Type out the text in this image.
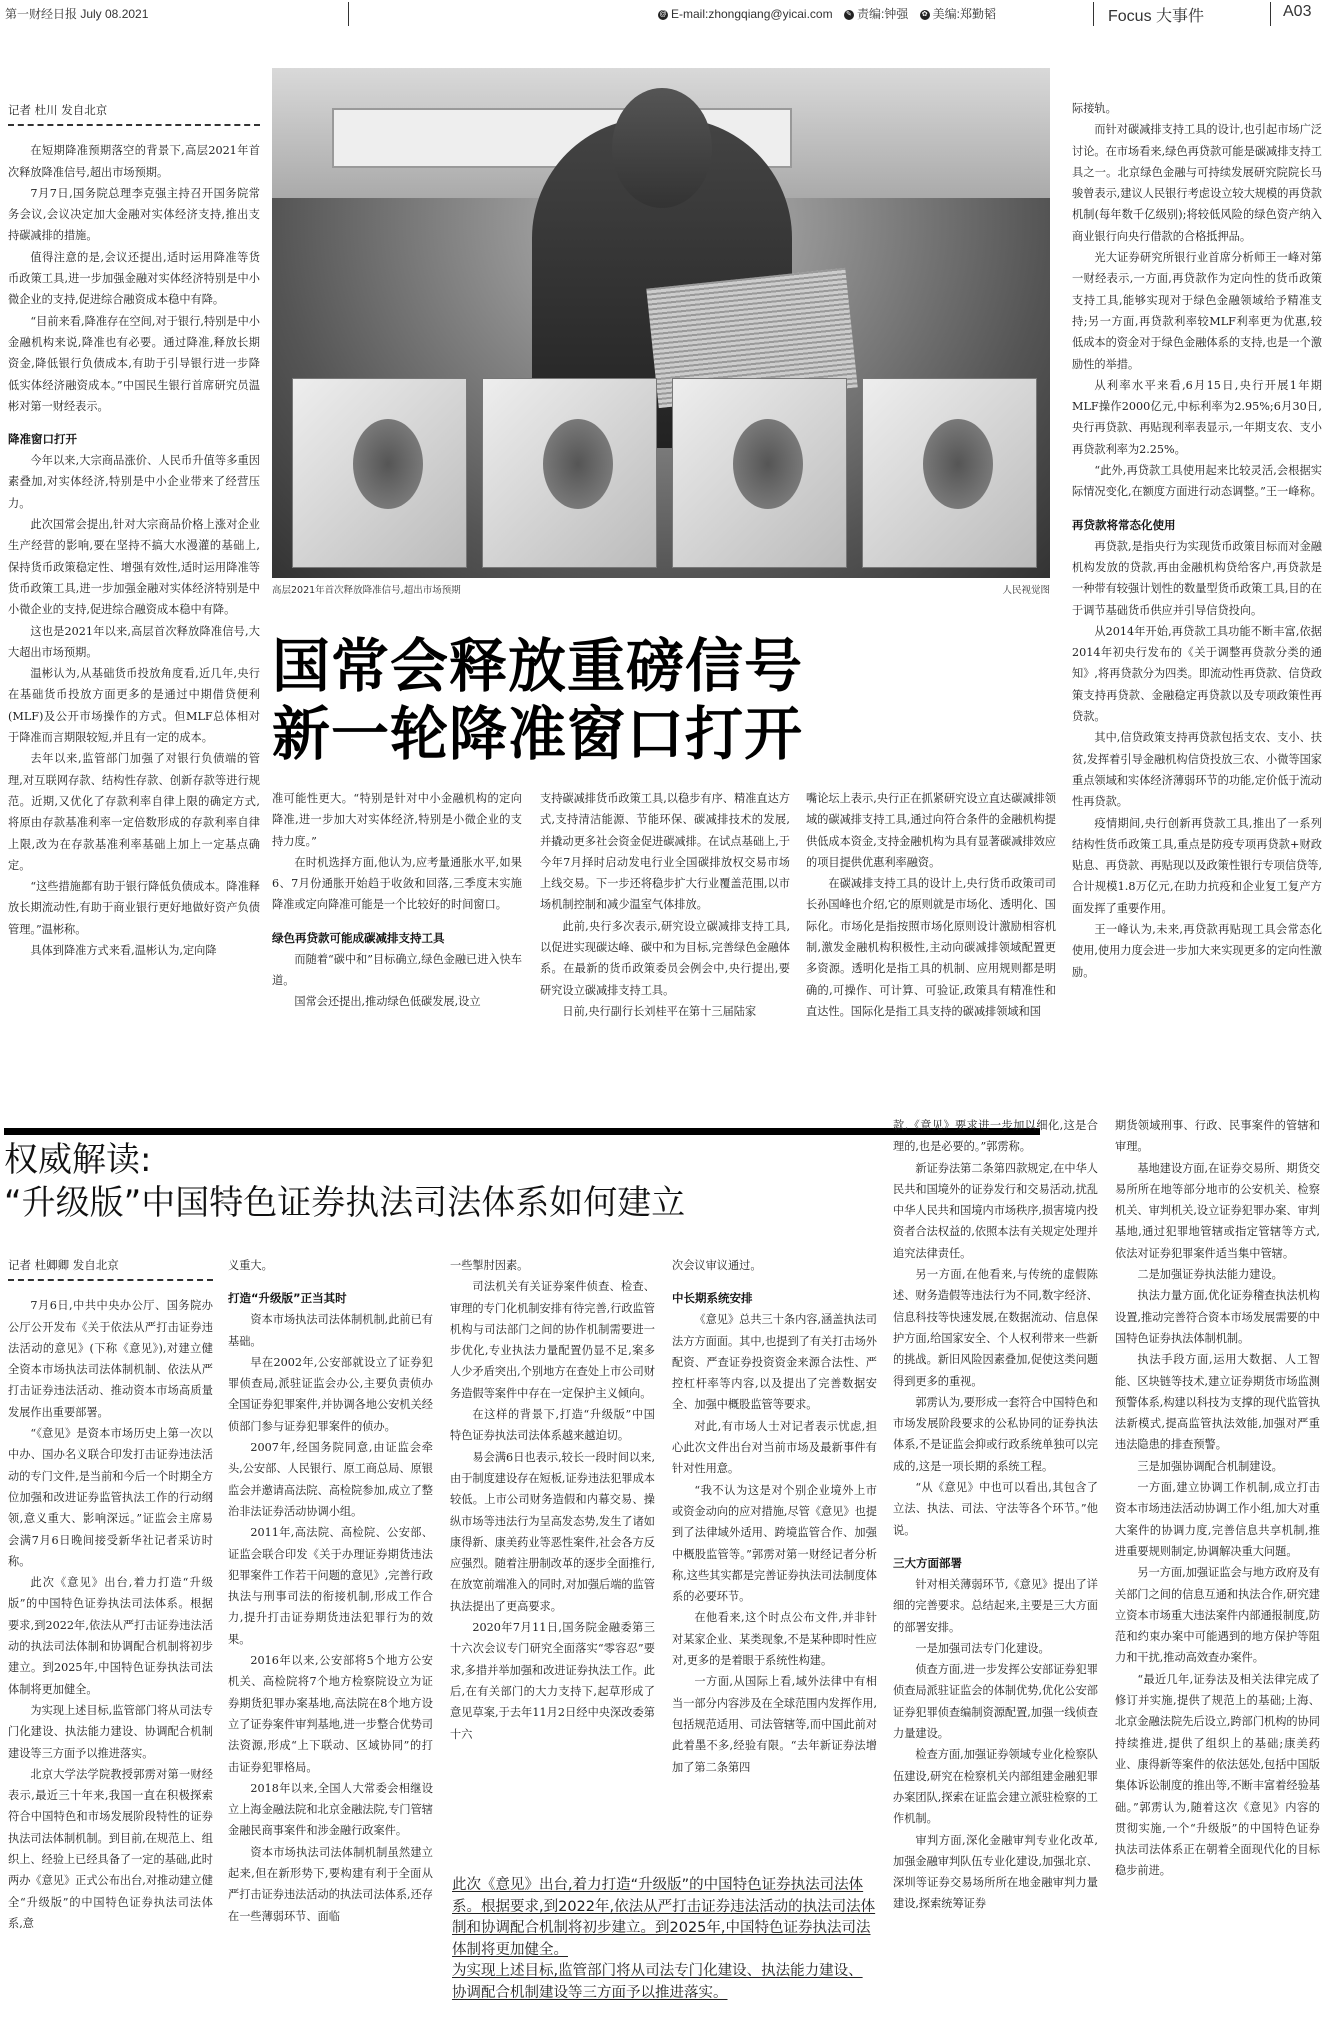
第一财经日报 July 08.2021	@ E-mail:zhongqiang@yicai.com ✎ 责编:钟强 ✿ 美编:郑勤韬	Focus 大事件	A03

记者 杜川 发自北京

在短期降准预期落空的背景下,高层2021年首次释放降准信号,超出市场预期。

7月7日,国务院总理李克强主持召开国务院常务会议,会议决定加大金融对实体经济支持,推出支持碳减排的措施。

值得注意的是,会议还提出,适时运用降准等货币政策工具,进一步加强金融对实体经济特别是中小微企业的支持,促进综合融资成本稳中有降。

“目前来看,降准存在空间,对于银行,特别是中小金融机构来说,降准也有必要。通过降准,释放长期资金,降低银行负债成本,有助于引导银行进一步降低实体经济融资成本。”中国民生银行首席研究员温彬对第一财经表示。

降准窗口打开

今年以来,大宗商品涨价、人民币升值等多重因素叠加,对实体经济,特别是中小企业带来了经营压力。

此次国常会提出,针对大宗商品价格上涨对企业生产经营的影响,要在坚持不搞大水漫灌的基础上,保持货币政策稳定性、增强有效性,适时运用降准等货币政策工具,进一步加强金融对实体经济特别是中小微企业的支持,促进综合融资成本稳中有降。

这也是2021年以来,高层首次释放降准信号,大大超出市场预期。

温彬认为,从基础货币投放角度看,近几年,央行在基础货币投放方面更多的是通过中期借贷便利(MLF)及公开市场操作的方式。但MLF总体相对于降准而言期限较短,并且有一定的成本。

去年以来,监管部门加强了对银行负债端的管理,对互联网存款、结构性存款、创新存款等进行规范。近期,又优化了存款利率自律上限的确定方式,将原由存款基准利率一定倍数形成的存款利率自律上限,改为在存款基准利率基础上加上一定基点确定。

“这些措施都有助于银行降低负债成本。降准释放长期流动性,有助于商业银行更好地做好资产负债管理。”温彬称。

具体到降准方式来看,温彬认为,定向降

高层2021年首次释放降准信号,超出市场预期	人民视觉图
国常会释放重磅信号
新一轮降准窗口打开

准可能性更大。“特别是针对中小金融机构的定向降准,进一步加大对实体经济,特别是小微企业的支持力度。”

在时机选择方面,他认为,应考量通胀水平,如果6、7月份通胀开始趋于收敛和回落,三季度末实施降准或定向降准可能是一个比较好的时间窗口。

绿色再贷款可能成碳减排支持工具

而随着“碳中和”目标确立,绿色金融已进入快车道。

国常会还提出,推动绿色低碳发展,设立

支持碳减排货币政策工具,以稳步有序、精准直达方式,支持清洁能源、节能环保、碳减排技术的发展,并撬动更多社会资金促进碳减排。在试点基础上,于今年7月择时启动发电行业全国碳排放权交易市场上线交易。下一步还将稳步扩大行业覆盖范围,以市场机制控制和减少温室气体排放。

此前,央行多次表示,研究设立碳减排支持工具,以促进实现碳达峰、碳中和为目标,完善绿色金融体系。在最新的货币政策委员会例会中,央行提出,要研究设立碳减排支持工具。

日前,央行副行长刘桂平在第十三届陆家

嘴论坛上表示,央行正在抓紧研究设立直达碳减排领域的碳减排支持工具,通过向符合条件的金融机构提供低成本资金,支持金融机构为具有显著碳减排效应的项目提供优惠利率融资。

在碳减排支持工具的设计上,央行货币政策司司长孙国峰也介绍,它的原则就是市场化、透明化、国际化。市场化是指按照市场化原则设计激励相容机制,激发金融机构积极性,主动向碳减排领域配置更多资源。透明化是指工具的机制、应用规则都是明确的,可操作、可计算、可验证,政策具有精准性和直达性。国际化是指工具支持的碳减排领域和国

际接轨。

而针对碳减排支持工具的设计,也引起市场广泛讨论。在市场看来,绿色再贷款可能是碳减排支持工具之一。北京绿色金融与可持续发展研究院院长马骏曾表示,建议人民银行考虑设立较大规模的再贷款机制(每年数千亿级别);将较低风险的绿色资产纳入商业银行向央行借款的合格抵押品。

光大证券研究所银行业首席分析师王一峰对第一财经表示,一方面,再贷款作为定向性的货币政策支持工具,能够实现对于绿色金融领域给予精准支持;另一方面,再贷款利率较MLF利率更为优惠,较低成本的资金对于绿色金融体系的支持,也是一个激励性的举措。

从利率水平来看,6月15日,央行开展1年期MLF操作2000亿元,中标利率为2.95%;6月30日,央行再贷款、再贴现利率表显示,一年期支农、支小再贷款利率为2.25%。

“此外,再贷款工具使用起来比较灵活,会根据实际情况变化,在额度方面进行动态调整。”王一峰称。

再贷款将常态化使用

再贷款,是指央行为实现货币政策目标而对金融机构发放的贷款,再由金融机构贷给客户,再贷款是一种带有较强计划性的数量型货币政策工具,目的在于调节基础货币供应并引导信贷投向。

从2014年开始,再贷款工具功能不断丰富,依据2014年初央行发布的《关于调整再贷款分类的通知》,将再贷款分为四类。即流动性再贷款、信贷政策支持再贷款、金融稳定再贷款以及专项政策性再贷款。

其中,信贷政策支持再贷款包括支农、支小、扶贫,发挥着引导金融机构信贷投放三农、小微等国家重点领域和实体经济薄弱环节的功能,定价低于流动性再贷款。

疫情期间,央行创新再贷款工具,推出了一系列结构性货币政策工具,重点是防疫专项再贷款+财政贴息、再贷款、再贴现以及政策性银行专项信贷等,合计规模1.8万亿元,在助力抗疫和企业复工复产方面发挥了重要作用。

王一峰认为,未来,再贷款再贴现工具会常态化使用,使用力度会进一步加大来实现更多的定向性激励。

权威解读:
“升级版”中国特色证券执法司法体系如何建立

记者 杜卿卿 发自北京

7月6日,中共中央办公厅、国务院办公厅公开发布《关于依法从严打击证券违法活动的意见》(下称《意见》),对建立健全资本市场执法司法体制机制、依法从严打击证券违法活动、推动资本市场高质量发展作出重要部署。

“《意见》是资本市场历史上第一次以中办、国办名义联合印发打击证券违法活动的专门文件,是当前和今后一个时期全方位加强和改进证券监管执法工作的行动纲领,意义重大、影响深远。”证监会主席易会满7月6日晚间接受新华社记者采访时称。

此次《意见》出台,着力打造“升级版”的中国特色证券执法司法体系。根据要求,到2022年,依法从严打击证券违法活动的执法司法体制和协调配合机制将初步建立。到2025年,中国特色证券执法司法体制将更加健全。

为实现上述目标,监管部门将从司法专门化建设、执法能力建设、协调配合机制建设等三方面予以推进落实。

北京大学法学院教授郭雳对第一财经表示,最近三十年来,我国一直在积极探索符合中国特色和市场发展阶段特性的证券执法司法体制机制。到目前,在规范上、组织上、经验上已经具备了一定的基础,此时两办《意见》正式公布出台,对推动建立健全“升级版”的中国特色证券执法司法体系,意

义重大。

打造“升级版”正当其时

资本市场执法司法体制机制,此前已有基础。

早在2002年,公安部就设立了证券犯罪侦查局,派驻证监会办公,主要负责侦办全国证券犯罪案件,并协调各地公安机关经侦部门参与证券犯罪案件的侦办。

2007年,经国务院同意,由证监会牵头,公安部、人民银行、原工商总局、原银监会并邀请高法院、高检院参加,成立了整治非法证券活动协调小组。

2011年,高法院、高检院、公安部、证监会联合印发《关于办理证券期货违法犯罪案件工作若干问题的意见》,完善行政执法与刑事司法的衔接机制,形成工作合力,提升打击证券期货违法犯罪行为的效果。

2016年以来,公安部将5个地方公安机关、高检院将7个地方检察院设立为证券期货犯罪办案基地,高法院在8个地方设立了证券案件审判基地,进一步整合优势司法资源,形成“上下联动、区域协同”的打击证券犯罪格局。

2018年以来,全国人大常委会相继设立上海金融法院和北京金融法院,专门管辖金融民商事案件和涉金融行政案件。

资本市场执法司法体制机制虽然建立起来,但在新形势下,要构建有利于全面从严打击证券违法活动的执法司法体系,还存在一些薄弱环节、面临

一些掣肘因素。

司法机关有关证券案件侦查、检查、审理的专门化机制安排有待完善,行政监管机构与司法部门之间的协作机制需要进一步优化,专业执法力量配置仍显不足,案多人少矛盾突出,个别地方在查处上市公司财务造假等案件中存在一定保护主义倾向。

在这样的背景下,打造“升级版”中国特色证券执法司法体系越来越迫切。

易会满6日也表示,较长一段时间以来,由于制度建设存在短板,证券违法犯罪成本较低。上市公司财务造假和内幕交易、操纵市场等违法行为呈高发态势,发生了诸如康得新、康美药业等恶性案件,社会各方反应强烈。随着注册制改革的逐步全面推行,在放宽前端准入的同时,对加强后端的监管执法提出了更高要求。

2020年7月11日,国务院金融委第三十六次会议专门研究全面落实“零容忍”要求,多措并举加强和改进证券执法工作。此后,在有关部门的大力支持下,起草形成了意见草案,于去年11月2日经中央深改委第十六

次会议审议通过。

中长期系统安排

《意见》总共三十条内容,涵盖执法司法方方面面。其中,也提到了有关打击场外配资、严查证券投资资金来源合法性、严控杠杆率等内容,以及提出了完善数据安全、加强中概股监管等要求。

对此,有市场人士对记者表示忧虑,担心此次文件出台对当前市场及最新事件有针对性用意。

“我不认为这是对个别企业境外上市或资金动向的应对措施,尽管《意见》也提到了法律域外适用、跨境监管合作、加强中概股监管等。”郭雳对第一财经记者分析称,这些其实都是完善证券执法司法制度体系的必要环节。

在他看来,这个时点公布文件,并非针对某家企业、某类现象,不是某种即时性应对,更多的是着眼于系统性构建。

一方面,从国际上看,域外法律中有相当一部分内容涉及在全球范围内发挥作用,包括规范适用、司法管辖等,而中国此前对此着墨不多,经验有限。“去年新证券法增加了第二条第四

款,《意见》要求进一步加以细化,这是合理的,也是必要的。”郭雳称。

新证券法第二条第四款规定,在中华人民共和国境外的证券发行和交易活动,扰乱中华人民共和国境内市场秩序,损害境内投资者合法权益的,依照本法有关规定处理并追究法律责任。

另一方面,在他看来,与传统的虚假陈述、财务造假等违法行为不同,数字经济、信息科技等快速发展,在数据流动、信息保护方面,给国家安全、个人权利带来一些新的挑战。新旧风险因素叠加,促使这类问题得到更多的重视。

郭雳认为,要形成一套符合中国特色和市场发展阶段要求的公私协同的证券执法体系,不是证监会抑或行政系统单独可以完成的,这是一项长期的系统工程。

“从《意见》中也可以看出,其包含了立法、执法、司法、守法等各个环节。”他说。

三大方面部署

针对相关薄弱环节,《意见》提出了详细的完善要求。总结起来,主要是三大方面的部署安排。

一是加强司法专门化建设。

侦查方面,进一步发挥公安部证券犯罪侦查局派驻证监会的体制优势,优化公安部证券犯罪侦查编制资源配置,加强一线侦查力量建设。

检查方面,加强证券领域专业化检察队伍建设,研究在检察机关内部组建金融犯罪办案团队,探索在证监会建立派驻检察的工作机制。

审判方面,深化金融审判专业化改革,加强金融审判队伍专业化建设,加强北京、深圳等证券交易场所所在地金融审判力量建设,探索统筹证券

期货领域刑事、行政、民事案件的管辖和审理。

基地建设方面,在证券交易所、期货交易所所在地等部分地市的公安机关、检察机关、审判机关,设立证券犯罪办案、审判基地,通过犯罪地管辖或指定管辖等方式,依法对证券犯罪案件适当集中管辖。

二是加强证券执法能力建设。

执法力量方面,优化证券稽查执法机构设置,推动完善符合资本市场发展需要的中国特色证券执法体制机制。

执法手段方面,运用大数据、人工智能、区块链等技术,建立证券期货市场监测预警体系,构建以科技为支撑的现代监管执法新模式,提高监管执法效能,加强对严重违法隐患的排查预警。

三是加强协调配合机制建设。

一方面,建立协调工作机制,成立打击资本市场违法活动协调工作小组,加大对重大案件的协调力度,完善信息共享机制,推进重要规则制定,协调解决重大问题。

另一方面,加强证监会与地方政府及有关部门之间的信息互通和执法合作,研究建立资本市场重大违法案件内部通报制度,防范和约束办案中可能遇到的地方保护等阻力和干扰,推动高效查办案件。

“最近几年,证券法及相关法律完成了修订并实施,提供了规范上的基础;上海、北京金融法院先后设立,跨部门机构的协同持续推进,提供了组织上的基础;康美药业、康得新等案件的依法惩处,包括中国版集体诉讼制度的推出等,不断丰富着经验基础。”郭雳认为,随着这次《意见》内容的贯彻实施,一个“升级版”的中国特色证券执法司法体系正在朝着全面现代化的目标稳步前进。

此次《意见》出台,着力打造“升级版”的中国特色证券执法司法体系。根据要求,到2022年,依法从严打击证券违法活动的执法司法体制和协调配合机制将初步建立。到2025年,中国特色证券执法司法体制将更加健全。
为实现上述目标,监管部门将从司法专门化建设、执法能力建设、协调配合机制建设等三方面予以推进落实。
